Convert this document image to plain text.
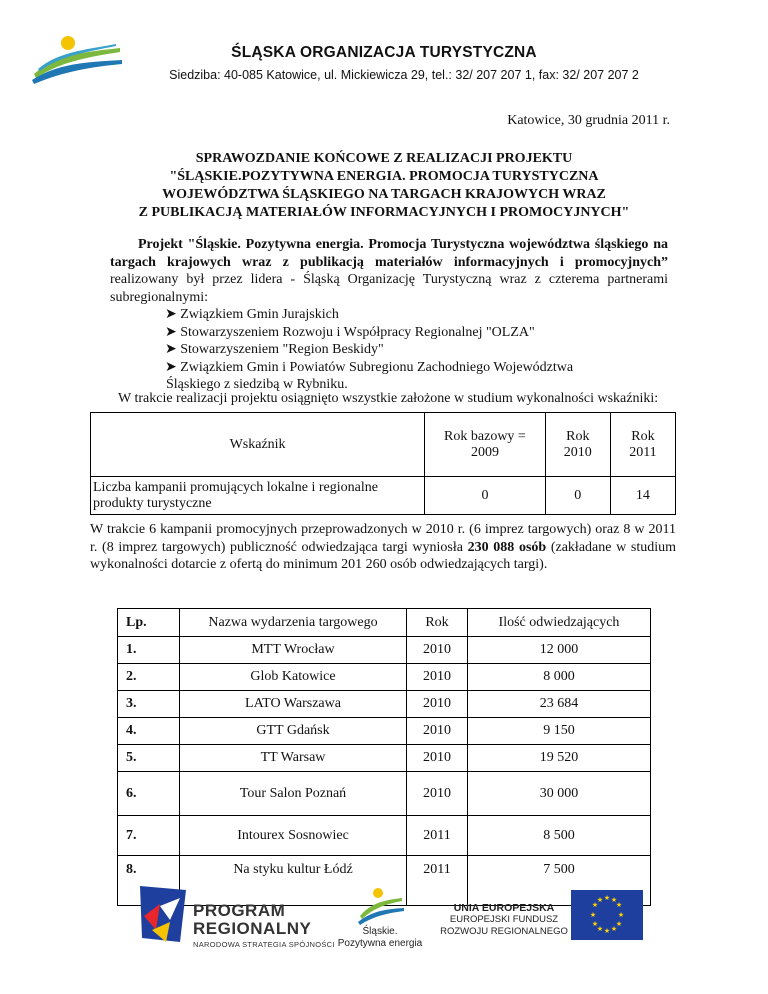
ŚLĄSKA ORGANIZACJA TURYSTYCZNA
Siedziba: 40-085 Katowice, ul. Mickiewicza 29, tel.: 32/ 207 207 1, fax: 32/ 207 207 2
Katowice, 30 grudnia 2011 r.
SPRAWOZDANIE KOŃCOWE Z REALIZACJI PROJEKTU
"ŚLĄSKIE.POZYTYWNA ENERGIA. PROMOCJA TURYSTYCZNA
WOJEWÓDZTWA ŚLĄSKIEGO NA TARGACH KRAJOWYCH WRAZ
Z PUBLIKACJĄ MATERIAŁÓW INFORMACYJNYCH I PROMOCYJNYCH"
Projekt "Śląskie. Pozytywna energia. Promocja Turystyczna województwa śląskiego na targach krajowych wraz z publikacją materiałów informacyjnych i promocyjnych” realizowany był przez lidera - Śląską Organizację Turystyczną wraz z czterema partnerami subregionalnymi:
➤ Związkiem Gmin Jurajskich
➤ Stowarzyszeniem Rozwoju i Współpracy Regionalnej "OLZA"
➤ Stowarzyszeniem "Region Beskidy"
➤ Związkiem Gmin i Powiatów Subregionu Zachodniego Województwa
Śląskiego z siedzibą w Rybniku.
W trakcie realizacji projektu osiągnięto wszystkie założone w studium wykonalności wskaźniki:
Wskaźnik	Rok bazowy = 2009	Rok 2010	Rok 2011
Liczba kampanii promujących lokalne i regionalne produkty turystyczne	0	0	14
W trakcie 6 kampanii promocyjnych przeprowadzonych w 2010 r. (6 imprez targowych) oraz 8 w 2011 r. (8 imprez targowych) publiczność odwiedzająca targi wyniosła 230 088 osób (zakładane w studium wykonalności dotarcie z ofertą do minimum 201 260 osób odwiedzających targi).
Lp.	Nazwa wydarzenia targowego	Rok	Ilość odwiedzających
1.	MTT Wrocław	2010	12 000
2.	Glob Katowice	2010	8 000
3.	LATO Warszawa	2010	23 684
4.	GTT Gdańsk	2010	9 150
5.	TT Warsaw	2010	19 520
6.	Tour Salon Poznań	2010	30 000
7.	Intourex Sosnowiec	2011	8 500
8.	Na styku kultur Łódź	2011	7 500
PROGRAM
REGIONALNY
NARODOWA STRATEGIA SPÓJNOŚCI
Śląskie.
Pozytywna energia
UNIA EUROPEJSKA
EUROPEJSKI FUNDUSZ
ROZWOJU REGIONALNEGO
★ ★
★
★
★
★
★
★
★
★
★
★
